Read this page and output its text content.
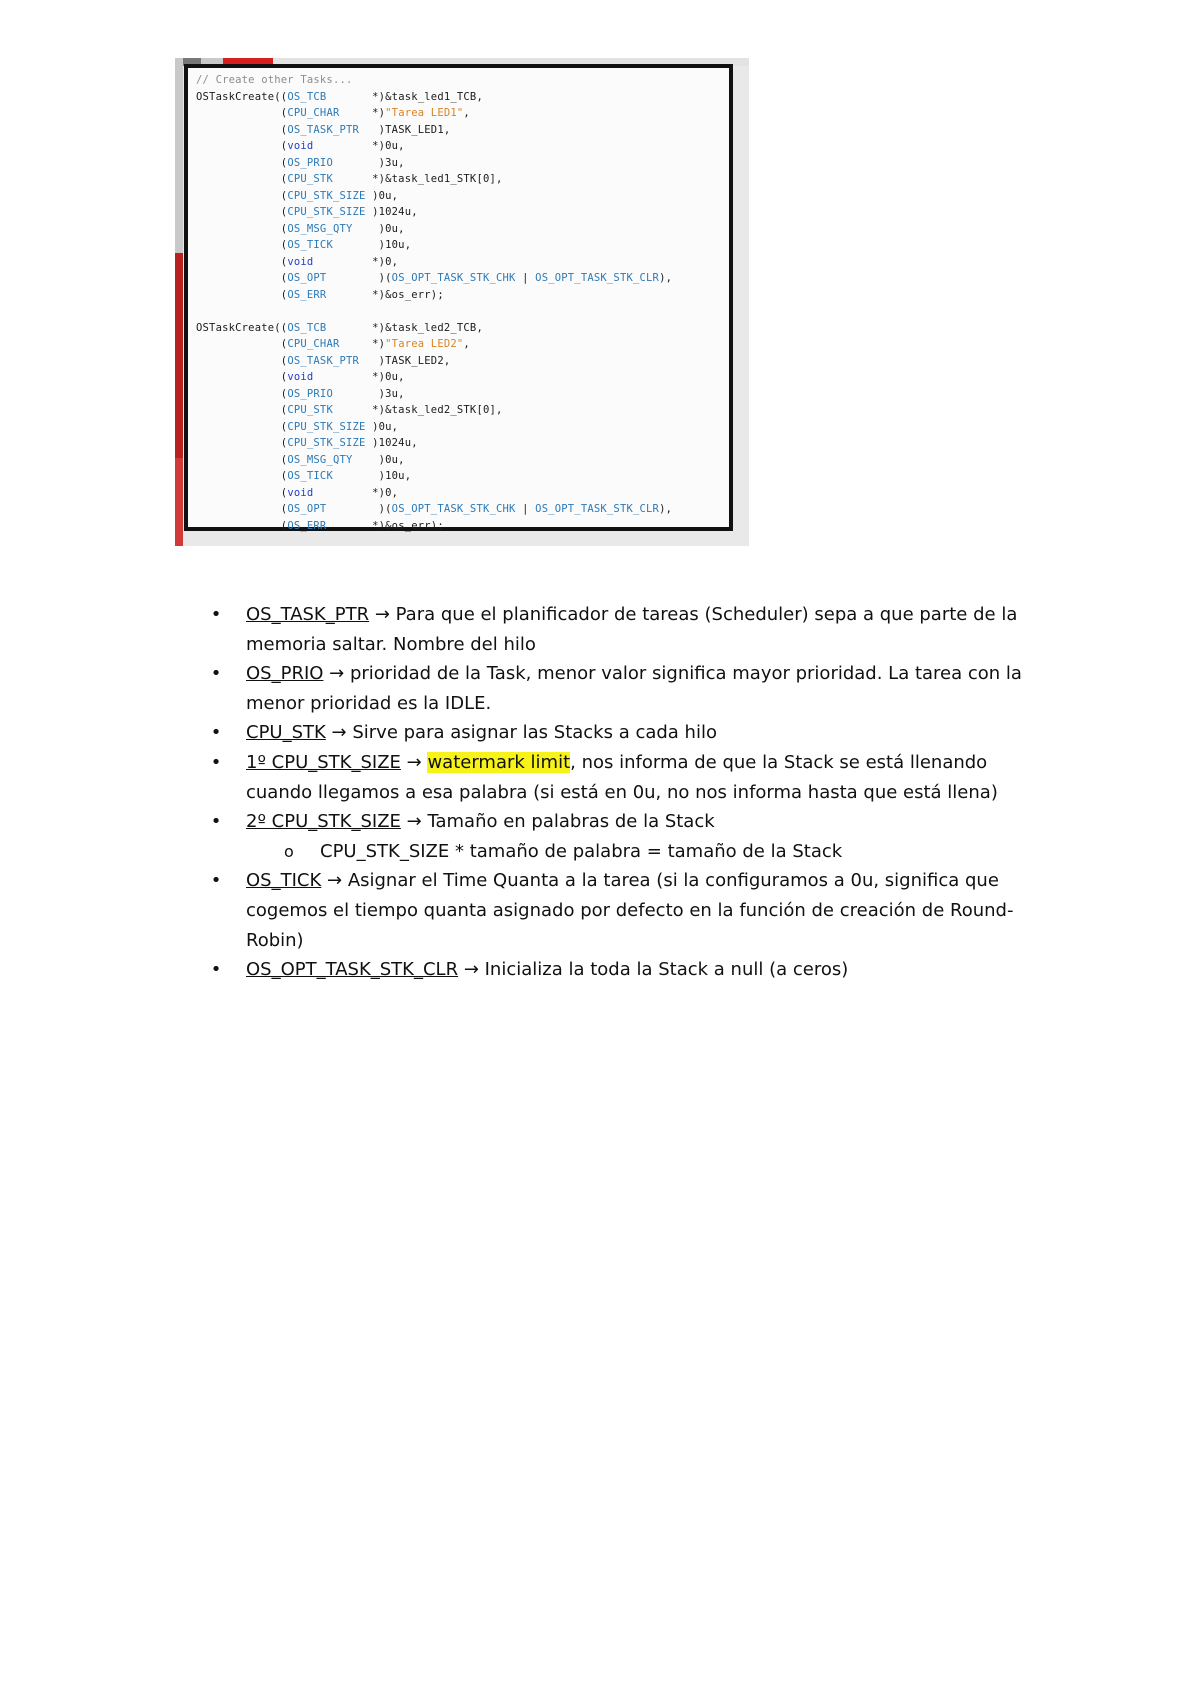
// Create other Tasks...
OSTaskCreate((OS_TCB       *)&task_led1_TCB,
(CPU_CHAR     *)"Tarea LED1",
(OS_TASK_PTR   )TASK_LED1,
(void         *)0u,
(OS_PRIO       )3u,
(CPU_STK      *)&task_led1_STK[0],
(CPU_STK_SIZE )0u,
(CPU_STK_SIZE )1024u,
(OS_MSG_QTY    )0u,
(OS_TICK       )10u,
(void         *)0,
(OS_OPT        )(OS_OPT_TASK_STK_CHK | OS_OPT_TASK_STK_CLR),
(OS_ERR       *)&os_err);

OSTaskCreate((OS_TCB       *)&task_led2_TCB,
(CPU_CHAR     *)"Tarea LED2",
(OS_TASK_PTR   )TASK_LED2,
(void         *)0u,
(OS_PRIO       )3u,
(CPU_STK      *)&task_led2_STK[0],
(CPU_STK_SIZE )0u,
(CPU_STK_SIZE )1024u,
(OS_MSG_QTY    )0u,
(OS_TICK       )10u,
(void         *)0,
(OS_OPT        )(OS_OPT_TASK_STK_CHK | OS_OPT_TASK_STK_CLR),
(OS_ERR       *)&os_err);
• OS_TASK_PTR → Para que el planificador de tareas (Scheduler) sepa a que parte de la memoria saltar. Nombre del hilo
• OS_PRIO → prioridad de la Task, menor valor significa mayor prioridad. La tarea con la menor prioridad es la IDLE.
• CPU_STK → Sirve para asignar las Stacks a cada hilo
• 1º CPU_STK_SIZE → watermark limit, nos informa de que la Stack se está llenando cuando llegamos a esa palabra (si está en 0u, no nos informa hasta que está llena)
• 2º CPU_STK_SIZE → Tamaño en palabras de la Stack
o CPU_STK_SIZE * tamaño de palabra = tamaño de la Stack
• OS_TICK → Asignar el Time Quanta a la tarea (si la configuramos a 0u, significa que cogemos el tiempo quanta asignado por defecto en la función de creación de Round-Robin)
• OS_OPT_TASK_STK_CLR → Inicializa la toda la Stack a null (a ceros)
